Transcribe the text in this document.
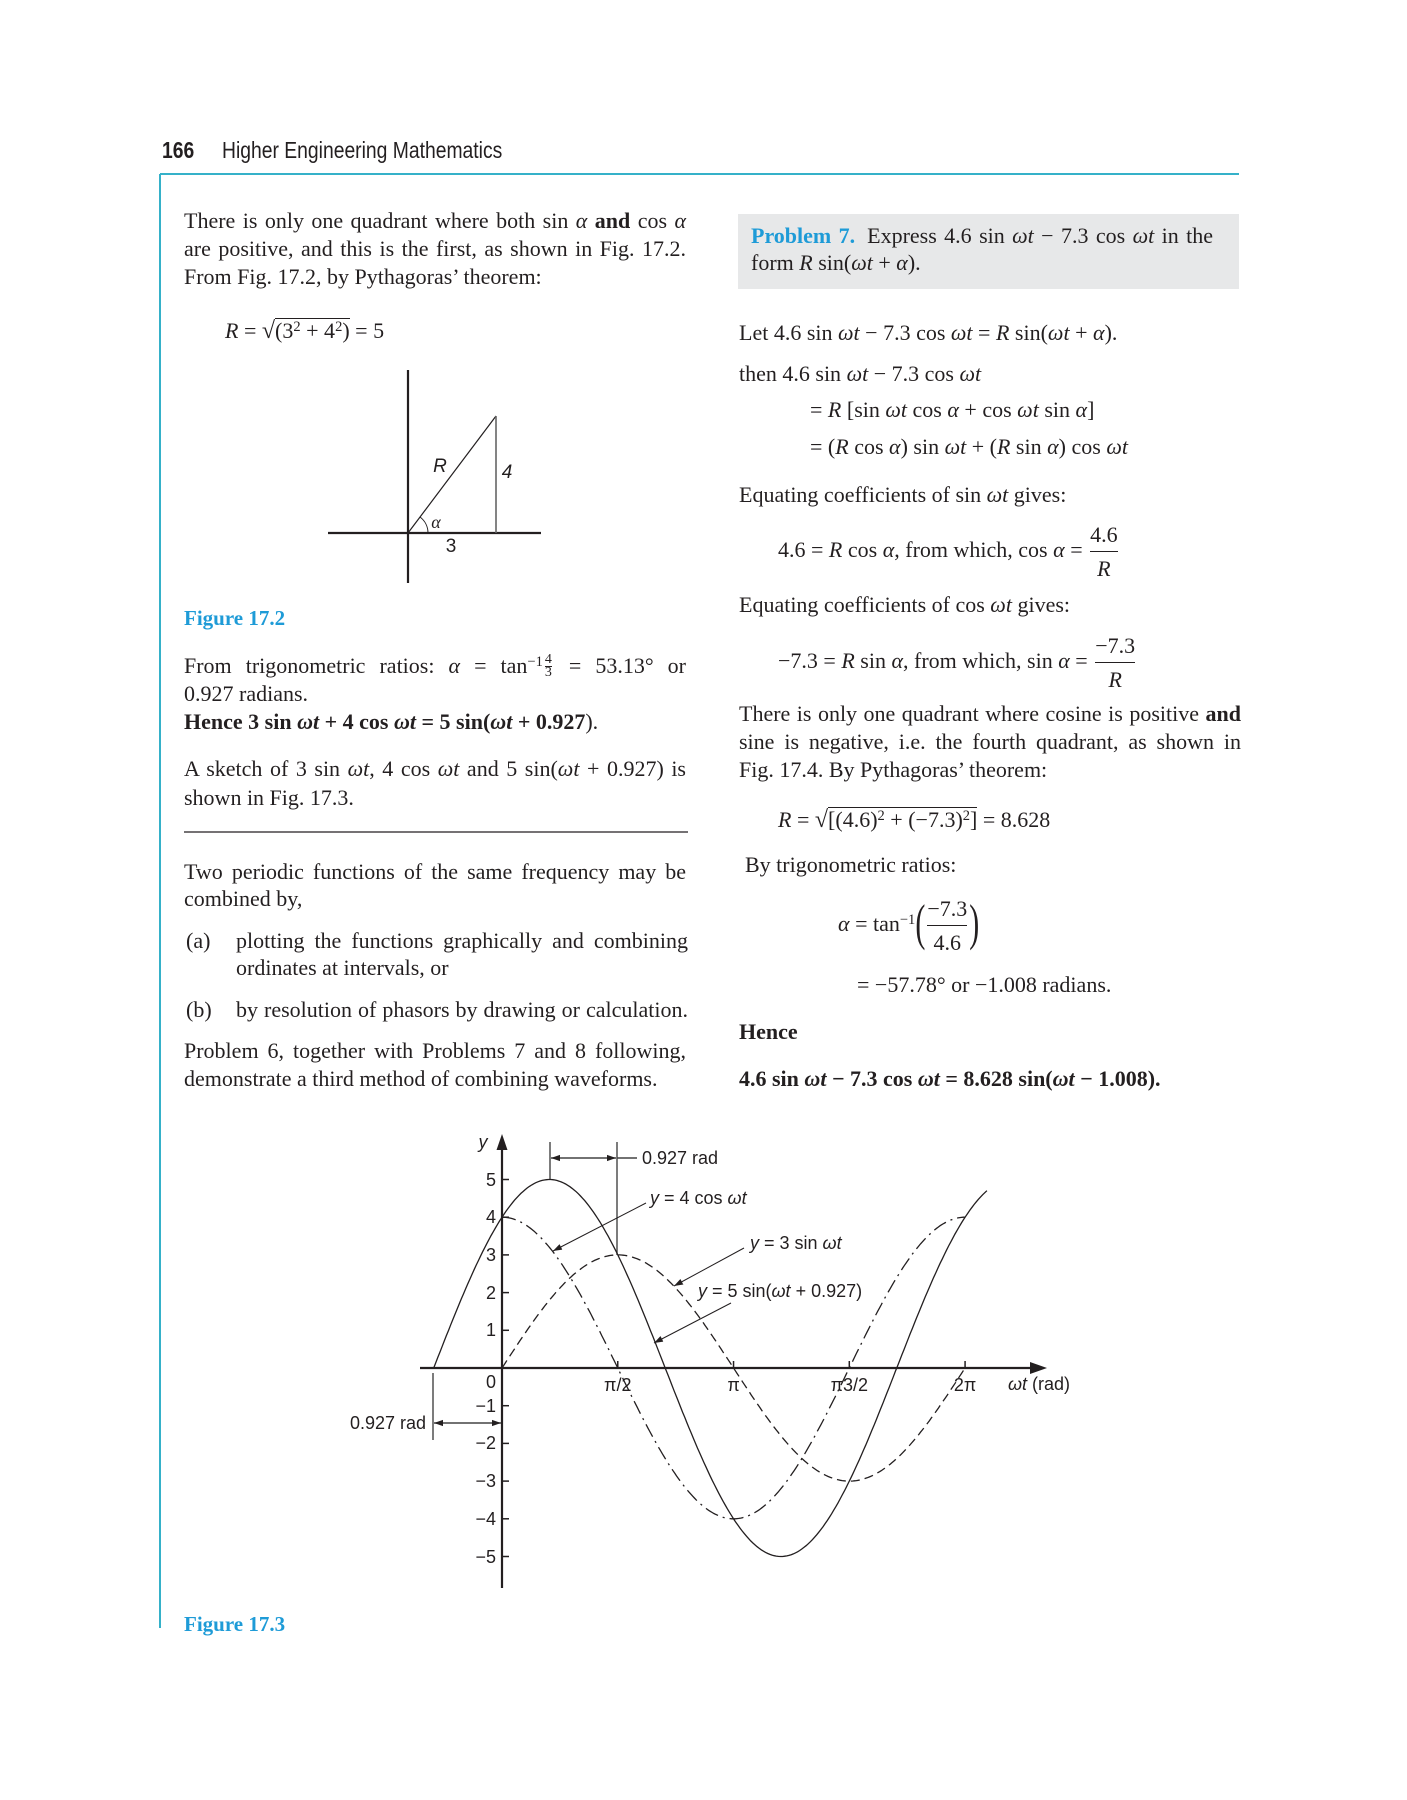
166 Higher Engineering Mathematics
There is only one quadrant where both sin α and cos α
are positive, and this is the first, as shown in Fig. 17.2.
From Fig. 17.2, by Pythagoras’ theorem:
$R = √(3^2 + 4^2) = 5$
R	4
α
3
Figure 17.2
From trigonometric ratios: $\alpha = \tan^{-1} \frac{4}{3} = 53.13^\circ$ or
0.927 radians.
Hence 3 sin ωt + 4 cos ωt = 5 sin(ωt + 0.927).
A sketch of 3 sin ωt, 4 cos ωt and 5 sin(ωt + 0.927) is
shown in Fig. 17.3.
Two periodic functions of the same frequency may be
combined by,
(a) plotting the functions graphically and combining
ordinates at intervals, or
(b) by resolution of phasors by drawing or calculation.
Problem 6, together with Problems 7 and 8 following,
demonstrate a third method of combining waveforms.
Problem 7. Express 4.6 sin ωt − 7.3 cos ωt in the
form R sin(ωt + α).
Let 4.6 sin ωt − 7.3 cos ωt = R sin(ωt + α).
then 4.6 sin ωt − 7.3 cos ωt
= R [sin ωt cos α + cos ωt sin α]
= (R cos α) sin ωt + (R sin α) cos ωt
Equating coefficients of sin ωt gives:
4.6 = R cos α, from which, $\cos \alpha = \frac{4.6}{R}$
Equating coefficients of cos ωt gives:
−7.3 = R sin α, from which, $\sin \alpha = \frac{-7.3}{R}$
There is only one quadrant where cosine is positive and
sine is negative, i.e. the fourth quadrant, as shown in
Fig. 17.4. By Pythagoras’ theorem:
$R = √[(4.6)^2 + (-7.3)^2] = 8.628$
By trigonometric ratios:
$\alpha = \tan^{-1}( \frac{-7.3}{4.6}$ )
= −57.78° or −1.008 radians.
Hence
4.6 sin ωt − 7.3 cos ωt = 8.628 sin(ωt − 1.008).
y
ωt (rad)
0.927 rad
0.927 rad
y = 4 cos ωt
y = 3 sin ωt
y = 5 sin(ωt + 0.927)
5
4
3
2
1
0
−1
−2
−3
−4
−5
π/2	π	π3/2	2π
Figure 17.3
